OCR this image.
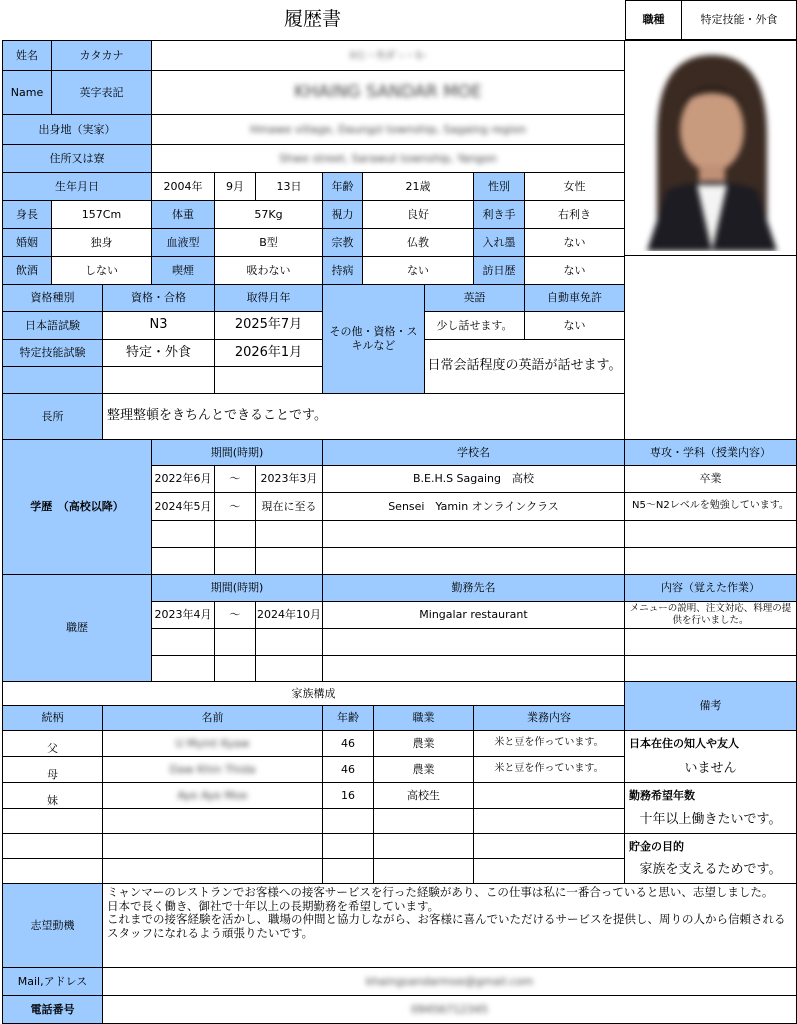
履歴書	職種	特定技能・外食
姓名	カタカナ	ｶｲﾝ・ｻﾝﾀﾞｰ・ﾓｰ
Name	英字表記	KHAING SANDAR MOE
出身地（実家）	Hmawe village, Daungzi township, Sagaing region
住所又は寮	Shwe street, Sarawut township, Yangon
生年月日	2004年	9月	13日	年齢	21歳	性別	女性
身長	157Cm	体重	57Kg	視力	良好	利き手	右利き
婚姻	独身	血液型	B型	宗教	仏教	入れ墨	ない
飲酒	しない	喫煙	吸わない	持病	ない	訪日歴	ない
資格種別	資格・合格	取得月年
その他・資格・スキルなど
英語	自動車免許
日本語試験	N3	2025年7月	少し話せます。	ない
特定技能試験	特定・外食	2026年1月
日常会話程度の英語が話せます。
長所	整理整頓をきちんとできることです。
学歴　（高校以降）
期間(時期)	学校名	専攻・学科（授業内容）
2022年6月	〜	2023年3月	B.E.H.S Sagaing　高校	卒業
2024年5月	〜	現在に至る	Sensei　Yamin オンラインクラス	N5〜N2レベルを勉強しています。
職歴
期間(時期)	勤務先名	内容（覚えた作業）
2023年4月	〜	2024年10月	Mingalar restaurant	メニューの説明、注文対応、料理の提供を行いました。
家族構成
続柄	名前	年齢	職業	業務内容
父	U Myint Kyaw	46	農業	米と豆を作っています。
母	Daw Khin Thida	46	農業	米と豆を作っています。
妹	Aye Aye Moe	16	高校生
備考
日本在住の知人や友人
いません
勤務希望年数
十年以上働きたいです。
貯金の目的
家族を支えるためです。
志望動機
ミャンマーのレストランでお客様への接客サービスを行った経験があり、この仕事は私に一番合っていると思い、志望しました。
日本で長く働き、御社で十年以上の長期勤務を希望しています。
これまでの接客経験を活かし、職場の仲間と協力しながら、お客様に喜んでいただけるサービスを提供し、周りの人から信頼されるスタッフになれるよう頑張りたいです。
Mail,アドレス	khaingsandarmoe@gmail.com
電話番号	09456712345
